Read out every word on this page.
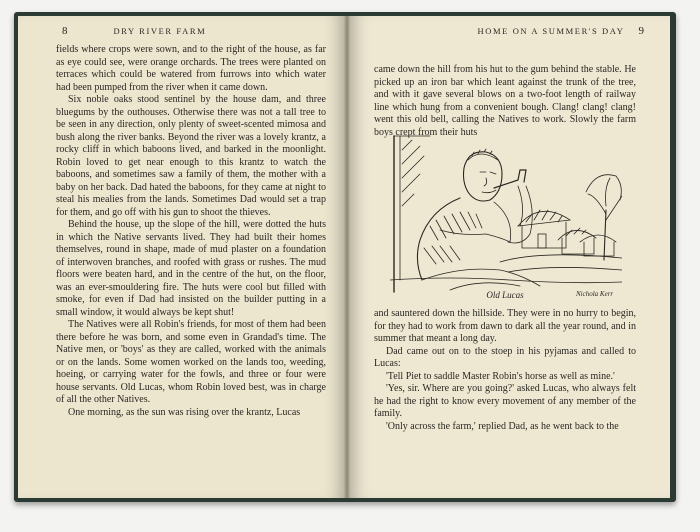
8	DRY RIVER FARM

fields where crops were sown, and to the right of the house, as far as eye could see, were orange orchards. The trees were planted on terraces which could be watered from furrows into which water had been pumped from the river when it came down.

Six noble oaks stood sentinel by the house dam, and three bluegums by the outhouses. Otherwise there was not a tall tree to be seen in any direction, only plenty of sweet-scented mimosa and bush along the river banks. Beyond the river was a lovely krantz, a rocky cliff in which baboons lived, and barked in the moonlight. Robin loved to get near enough to this krantz to watch the baboons, and sometimes saw a family of them, the mother with a baby on her back. Dad hated the baboons, for they came at night to steal his mealies from the lands. Sometimes Dad would set a trap for them, and go off with his gun to shoot the thieves.

Behind the house, up the slope of the hill, were dotted the huts in which the Native servants lived. They had built their homes themselves, round in shape, made of mud plaster on a foundation of interwoven branches, and roofed with grass or rushes. The mud floors were beaten hard, and in the centre of the hut, on the floor, was an ever-smouldering fire. The huts were cool but filled with smoke, for even if Dad had insisted on the builder putting in a small window, it would always be kept shut!

The Natives were all Robin's friends, for most of them had been there before he was born, and some even in Grandad's time. The Native men, or 'boys' as they are called, worked with the animals or on the lands. Some women worked on the lands too, weeding, hoeing, or carrying water for the fowls, and three or four were house servants. Old Lucas, whom Robin loved best, was in charge of all the other Natives.

One morning, as the sun was rising over the krantz, Lucas

HOME ON A SUMMER'S DAY 9

came down the hill from his hut to the gum behind the stable. He picked up an iron bar which leant against the trunk of the tree, and with it gave several blows on a two-foot length of railway line which hung from a convenient bough. Clang! clang! clang! went this old bell, calling the Natives to work. Slowly the farm boys crept from their huts

Nichola Kerr
Old Lucas

and sauntered down the hillside. They were in no hurry to begin, for they had to work from dawn to dark all the year round, and in summer that meant a long day.

Dad came out on to the stoep in his pyjamas and called to Lucas:

'Tell Piet to saddle Master Robin's horse as well as mine.'

'Yes, sir. Where are you going?' asked Lucas, who always felt he had the right to know every movement of any member of the family.

'Only across the farm,' replied Dad, as he went back to the
